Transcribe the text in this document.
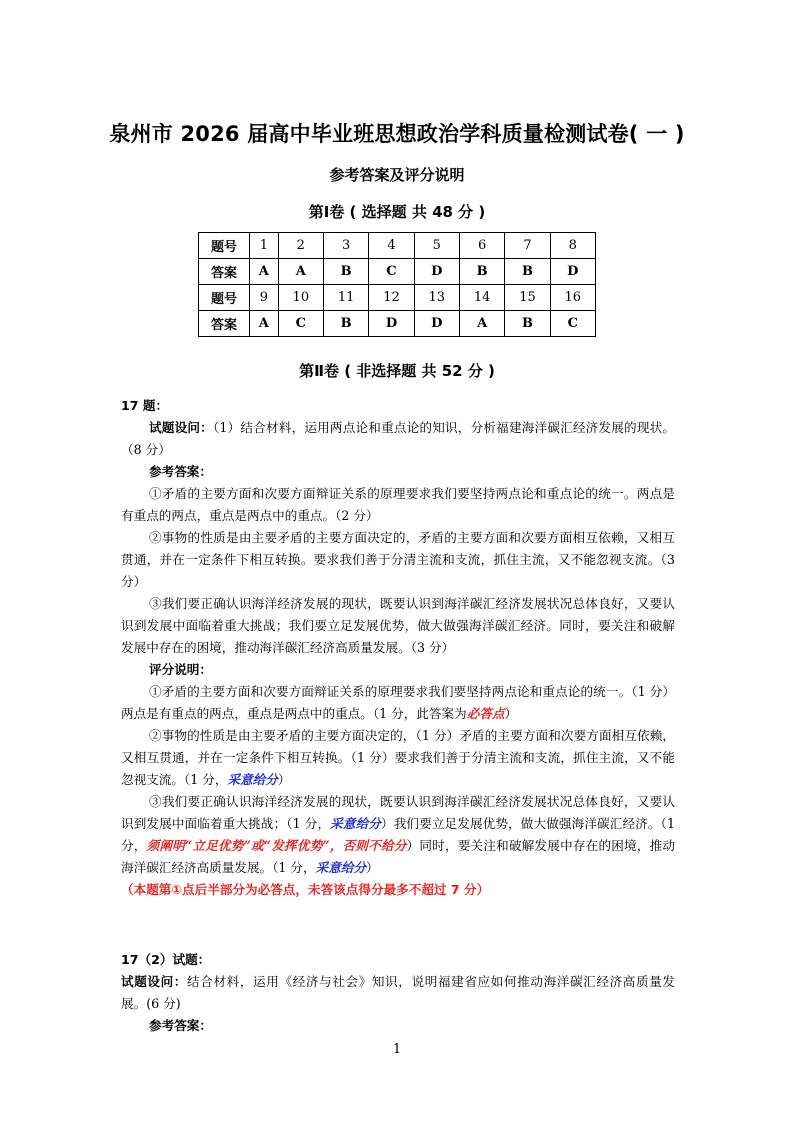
泉州市 2026 届高中毕业班思想政治学科质量检测试卷( 一 )
参考答案及评分说明
第Ⅰ卷 ( 选择题 共 48 分 )
题号	1	2	3	4	5	6	7	8
答案	A	A	B	C	D	B	B	D
题号	9	10	11	12	13	14	15	16
答案	A	C	B	D	D	A	B	C
第Ⅱ卷 ( 非选择题 共 52 分 )

17 题：

试题设问：（1）结合材料，运用两点论和重点论的知识，分析福建海洋碳汇经济发展的现状。（8 分）

参考答案：

①矛盾的主要方面和次要方面辩证关系的原理要求我们要坚持两点论和重点论的统一。两点是有重点的两点，重点是两点中的重点。（2 分）

②事物的性质是由主要矛盾的主要方面决定的，矛盾的主要方面和次要方面相互依赖，又相互贯通，并在一定条件下相互转换。要求我们善于分清主流和支流，抓住主流，又不能忽视支流。（3 分）

③我们要正确认识海洋经济发展的现状，既要认识到海洋碳汇经济发展状况总体良好，又要认识到发展中面临着重大挑战；我们要立足发展优势，做大做强海洋碳汇经济。同时，要关注和破解发展中存在的困境，推动海洋碳汇经济高质量发展。（3 分）

评分说明：

①矛盾的主要方面和次要方面辩证关系的原理要求我们要坚持两点论和重点论的统一。（1 分）两点是有重点的两点，重点是两点中的重点。（1 分，此答案为必答点）

②事物的性质是由主要矛盾的主要方面决定的，（1 分）矛盾的主要方面和次要方面相互依赖，又相互贯通，并在一定条件下相互转换。（1 分）要求我们善于分清主流和支流，抓住主流，又不能忽视支流。（1 分，采意给分）

③我们要正确认识海洋经济发展的现状，既要认识到海洋碳汇经济发展状况总体良好，又要认识到发展中面临着重大挑战；（1 分，采意给分）我们要立足发展优势，做大做强海洋碳汇经济。（1 分，须阐明“立足优势”或“发挥优势”，否则不给分）同时，要关注和破解发展中存在的困境，推动海洋碳汇经济高质量发展。（1 分，采意给分）

（本题第①点后半部分为必答点，未答该点得分最多不超过 7 分）

17（2）试题：

试题设问：结合材料，运用《经济与社会》知识，说明福建省应如何推动海洋碳汇经济高质量发展。(6 分)

参考答案：

1
